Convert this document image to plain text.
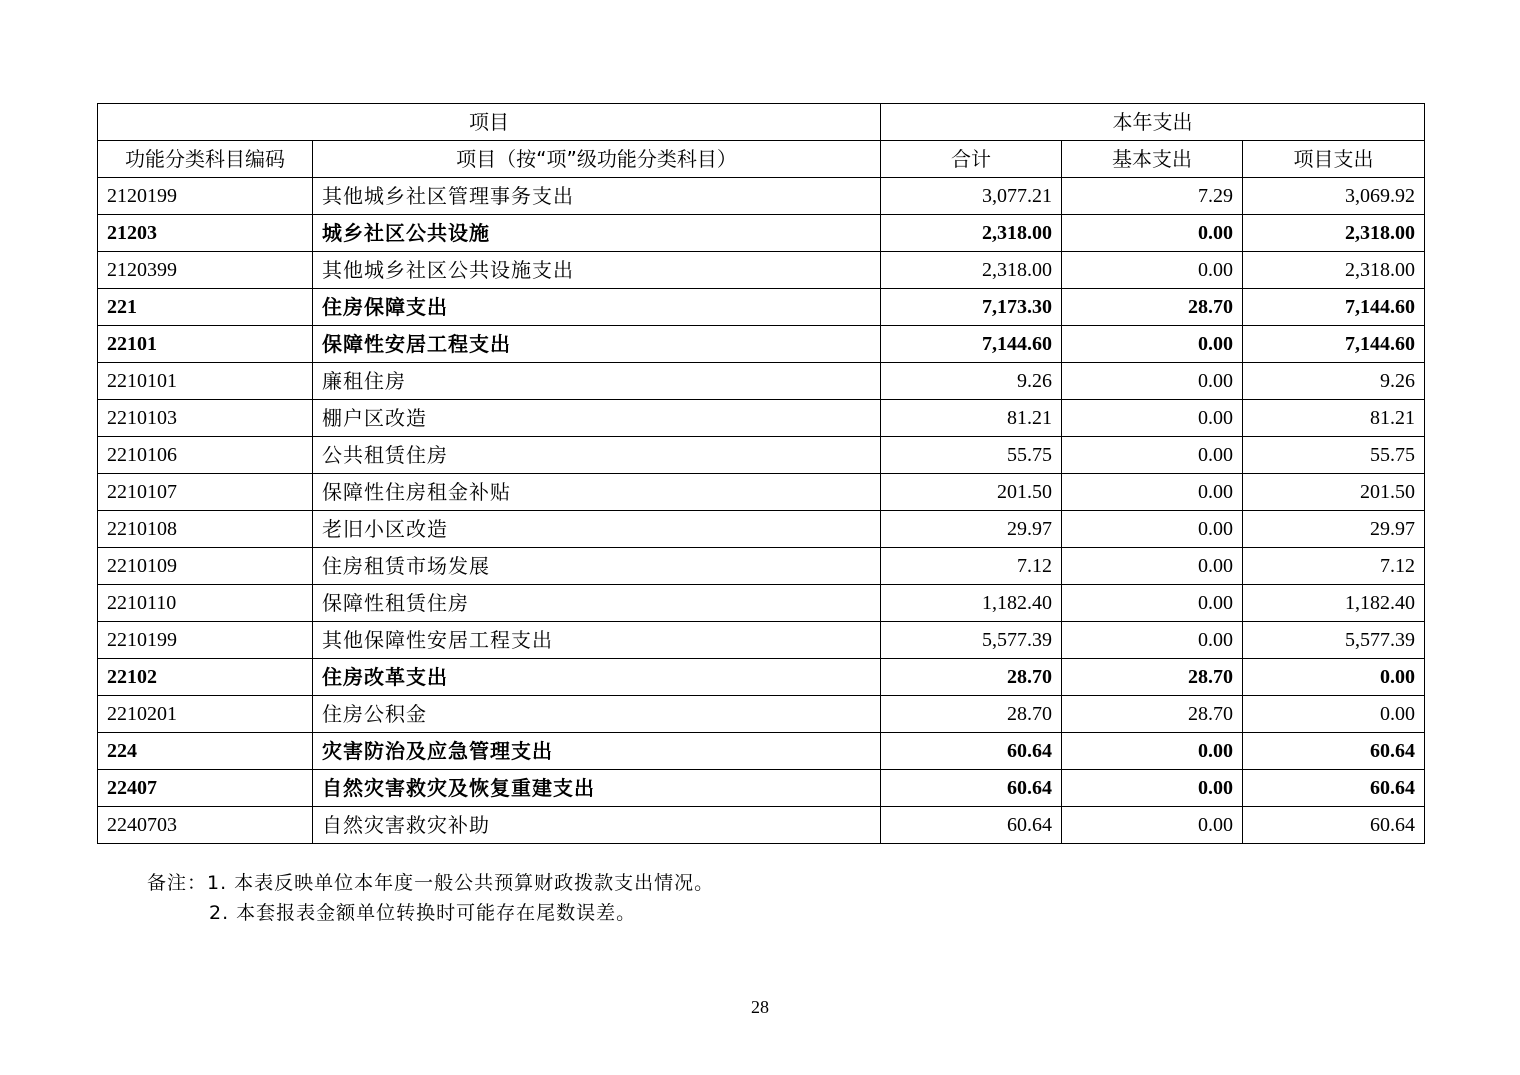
项目		本年支出		
功能分类科目编码	项目（按“项”级功能分类科目）	合计	基本支出	项目支出
2120199	其他城乡社区管理事务支出	3,077.21	7.29	3,069.92
21203	城乡社区公共设施	2,318.00	0.00	2,318.00
2120399	其他城乡社区公共设施支出	2,318.00	0.00	2,318.00
221	住房保障支出	7,173.30	28.70	7,144.60
22101	保障性安居工程支出	7,144.60	0.00	7,144.60
2210101	廉租住房	9.26	0.00	9.26
2210103	棚户区改造	81.21	0.00	81.21
2210106	公共租赁住房	55.75	0.00	55.75
2210107	保障性住房租金补贴	201.50	0.00	201.50
2210108	老旧小区改造	29.97	0.00	29.97
2210109	住房租赁市场发展	7.12	0.00	7.12
2210110	保障性租赁住房	1,182.40	0.00	1,182.40
2210199	其他保障性安居工程支出	5,577.39	0.00	5,577.39
22102	住房改革支出	28.70	28.70	0.00
2210201	住房公积金	28.70	28.70	0.00
224	灾害防治及应急管理支出	60.64	0.00	60.64
22407	自然灾害救灾及恢复重建支出	60.64	0.00	60.64
2240703	自然灾害救灾补助	60.64	0.00	60.64
备注：1. 本表反映单位本年度一般公共预算财政拨款支出情况。
2. 本套报表金额单位转换时可能存在尾数误差。
28
